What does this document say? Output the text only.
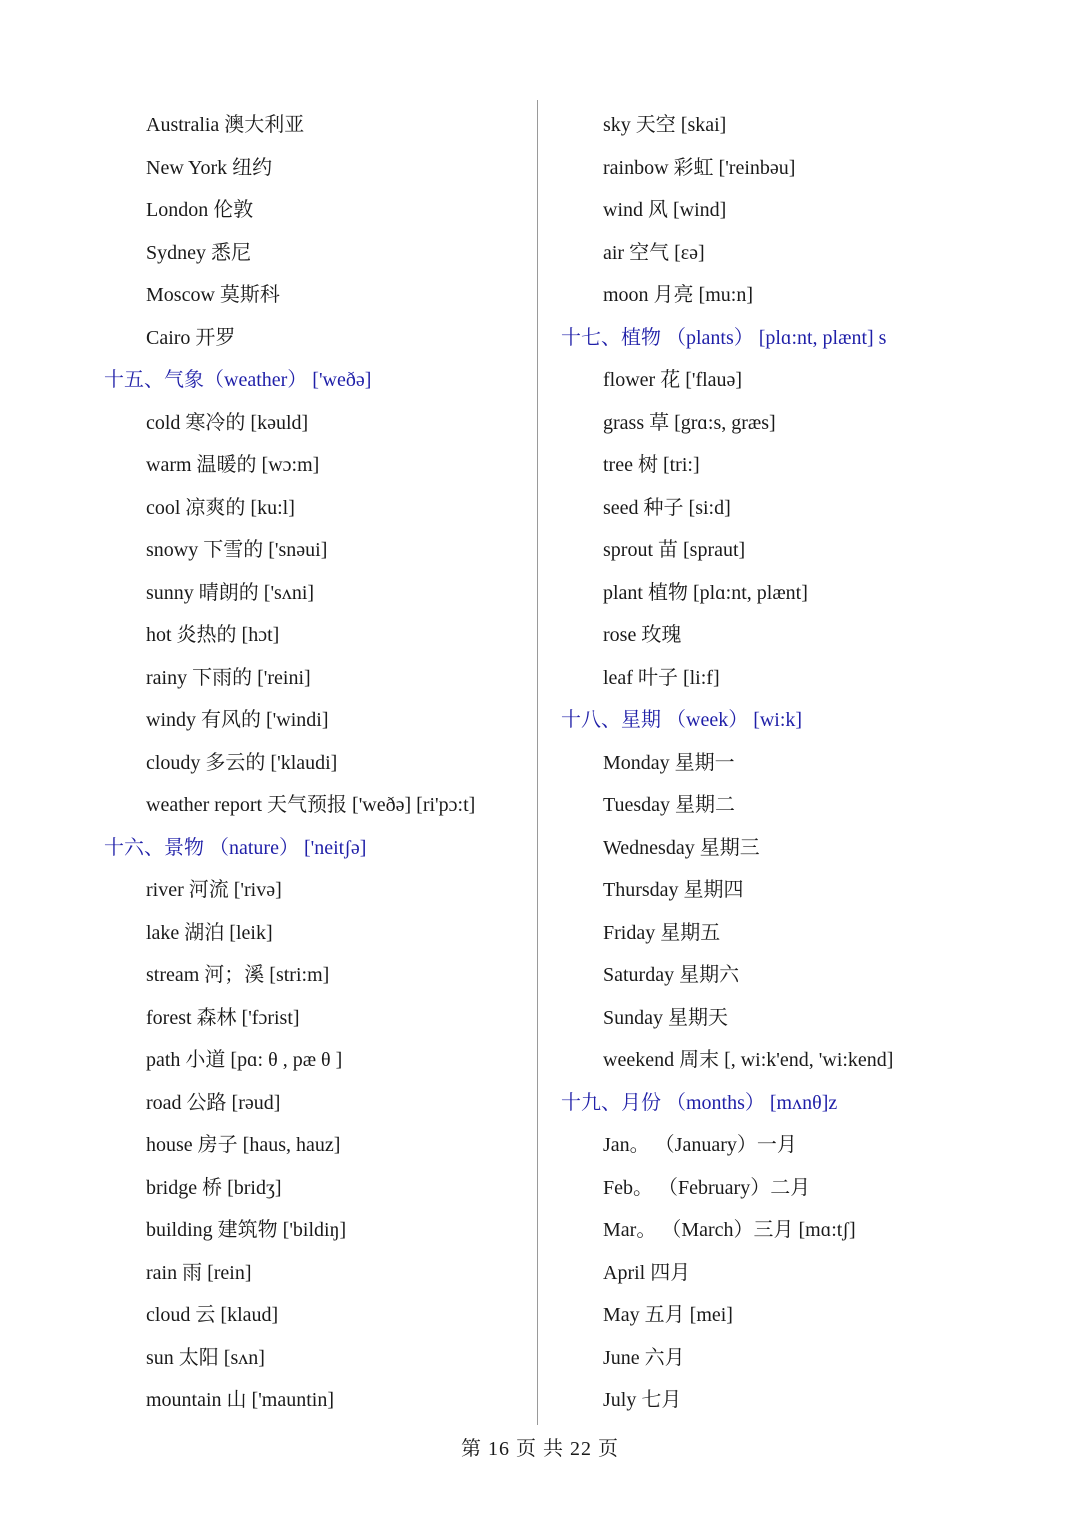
Australia 澳大利亚
New York 纽约
London 伦敦
Sydney 悉尼
Moscow 莫斯科
Cairo 开罗
十五、气象（weather） ['weðə]
cold 寒冷的 [kəuld]
warm 温暖的 [wɔ:m]
cool 凉爽的 [ku:l]
snowy 下雪的 ['snəui]
sunny 晴朗的 ['sʌni]
hot 炎热的 [hɔt]
rainy 下雨的 ['reini]
windy 有风的 ['windi]
cloudy 多云的 ['klaudi]
weather report 天气预报 ['weðə] [ri'pɔ:t]
十六、景物 （nature） ['neitʃə]
river 河流 ['rivə]
lake 湖泊 [leik]
stream 河；溪 [stri:m]
forest 森林 ['fɔrist]
path 小道 [pɑ: θ , pæ θ ]
road 公路 [rəud]
house 房子 [haus, hauz]
bridge 桥 [bridʒ]
building 建筑物 ['bildiŋ]
rain 雨 [rein]
cloud 云 [klaud]
sun 太阳 [sʌn]
mountain 山 ['mauntin]
sky 天空 [skai]
rainbow 彩虹 ['reinbəu]
wind 风 [wind]
air 空气 [εə]
moon 月亮 [mu:n]
十七、植物 （plants） [plɑ:nt, plænt] s
flower 花 ['flauə]
grass 草 [grɑ:s, græs]
tree 树 [tri:]
seed 种子 [si:d]
sprout 苗 [spraut]
plant 植物 [plɑ:nt, plænt]
rose 玫瑰
leaf 叶子 [li:f]
十八、星期 （week） [wi:k]
Monday 星期一
Tuesday 星期二
Wednesday 星期三
Thursday 星期四
Friday 星期五
Saturday 星期六
Sunday 星期天
weekend 周末 [, wi:k'end, 'wi:kend]
十九、月份 （months） [mʌnθ]z
Jan。 （January）一月
Feb。 （February）二月
Mar。 （March）三月 [mɑ:tʃ]
April 四月
May 五月 [mei]
June 六月
July 七月
第 16 页 共 22 页
